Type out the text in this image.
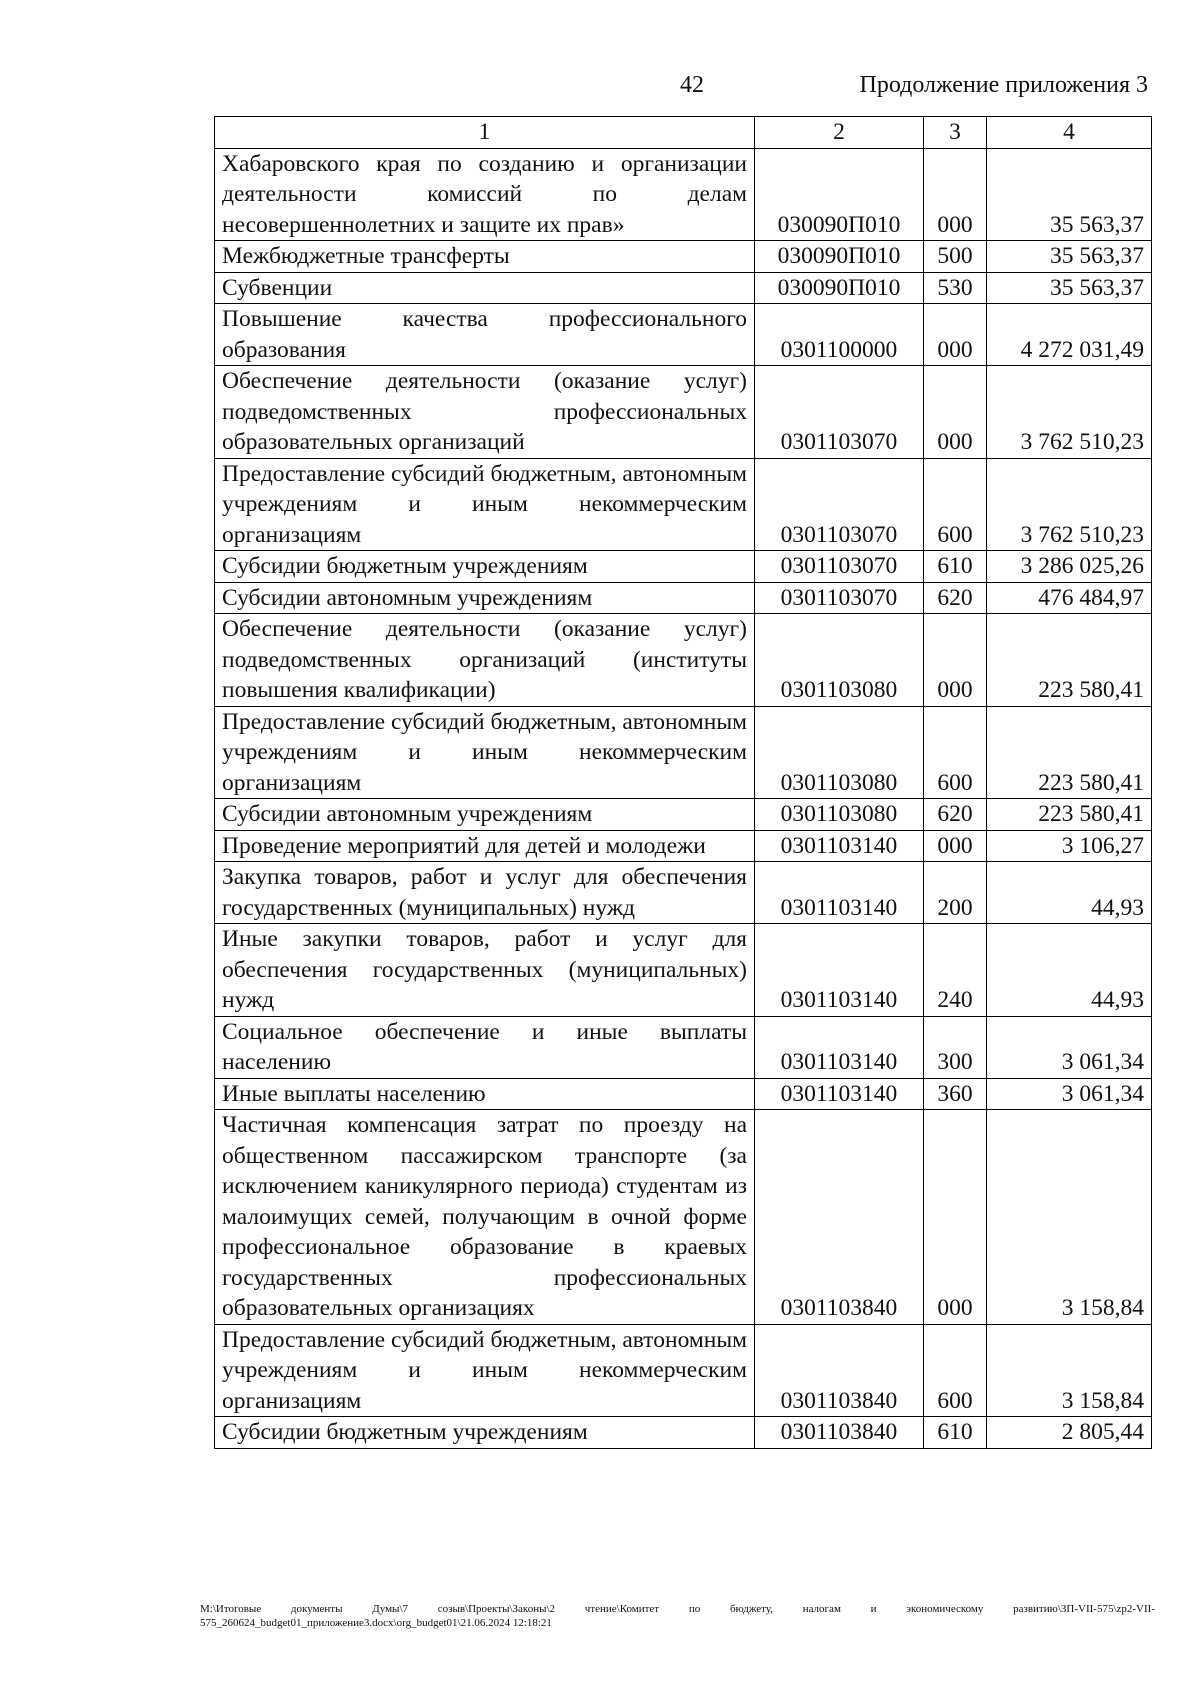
42	Продолжение приложения 3
1	2	3	4
Хабаровского края по созданию и организации деятельности комиссий по делам несовершеннолетних и защите их прав»	030090П010	000	35 563,37
Межбюджетные трансферты	030090П010	500	35 563,37
Субвенции	030090П010	530	35 563,37
Повышение качества профессионального образования	0301100000	000	4 272 031,49
Обеспечение деятельности (оказание услуг) подведомственных профессиональных образовательных организаций	0301103070	000	3 762 510,23
Предоставление субсидий бюджетным, автономным учреждениям и иным некоммерческим организациям	0301103070	600	3 762 510,23
Субсидии бюджетным учреждениям	0301103070	610	3 286 025,26
Субсидии автономным учреждениям	0301103070	620	476 484,97
Обеспечение деятельности (оказание услуг) подведомственных организаций (институты повышения квалификации)	0301103080	000	223 580,41
Предоставление субсидий бюджетным, автономным учреждениям и иным некоммерческим организациям	0301103080	600	223 580,41
Субсидии автономным учреждениям	0301103080	620	223 580,41
Проведение мероприятий для детей и молодежи	0301103140	000	3 106,27
Закупка товаров, работ и услуг для обеспечения государственных (муниципальных) нужд	0301103140	200	44,93
Иные закупки товаров, работ и услуг для обеспечения государственных (муниципальных) нужд	0301103140	240	44,93
Социальное обеспечение и иные выплаты населению	0301103140	300	3 061,34
Иные выплаты населению	0301103140	360	3 061,34
Частичная компенсация затрат по проезду на общественном пассажирском транспорте (за исключением каникулярного периода) студентам из малоимущих семей, получающим в очной форме профессиональное образование в краевых государственных профессиональных образовательных организациях	0301103840	000	3 158,84
Предоставление субсидий бюджетным, автономным учреждениям и иным некоммерческим организациям	0301103840	600	3 158,84
Субсидии бюджетным учреждениям	0301103840	610	2 805,44
M:\Итоговые документы Думы\7 созыв\Проекты\Законы\2 чтение\Комитет по бюджету, налогам и экономическому развитию\ЗП-VII-575\zp2-VII-575_260624_budget01_приложение3.docx\org_budget01\21.06.2024 12:18:21
